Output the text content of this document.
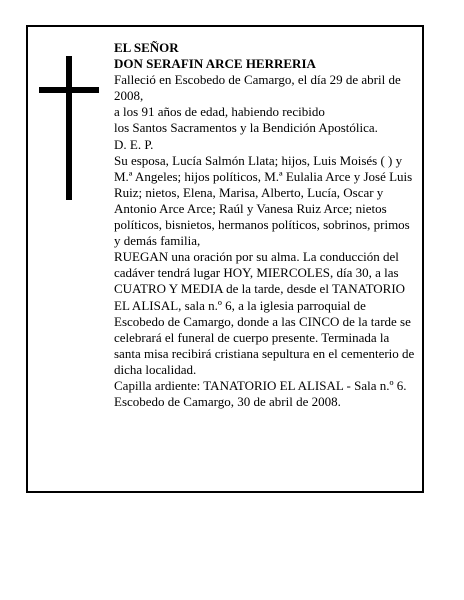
EL SEÑOR

DON SERAFIN ARCE HERRERIA

Falleció en Escobedo de Camargo, el día 29 de abril de 2008,

a los 91 años de edad, habiendo recibido

los Santos Sacramentos y la Bendición Apostólica.

D. E. P.

Su esposa, Lucía Salmón Llata; hijos, Luis Moisés ( ) y M.ª Angeles; hijos políticos, M.ª Eulalia Arce y José Luis Ruiz; nietos, Elena, Marisa, Alberto, Lucía, Oscar y Antonio Arce Arce; Raúl y Vanesa Ruiz Arce; nietos políticos, bisnietos, hermanos políticos, sobrinos, primos y demás familia,

RUEGAN una oración por su alma. La conducción del cadáver tendrá lugar HOY, MIERCOLES, día 30, a las CUATRO Y MEDIA de la tarde, desde el TANATORIO EL ALISAL, sala n.º 6, a la iglesia parroquial de Escobedo de Camargo, donde a las CINCO de la tarde se celebrará el funeral de cuerpo presente. Terminada la santa misa recibirá cristiana sepultura en el cementerio de dicha localidad.

Capilla ardiente: TANATORIO EL ALISAL - Sala n.º 6.

Escobedo de Camargo, 30 de abril de 2008.
